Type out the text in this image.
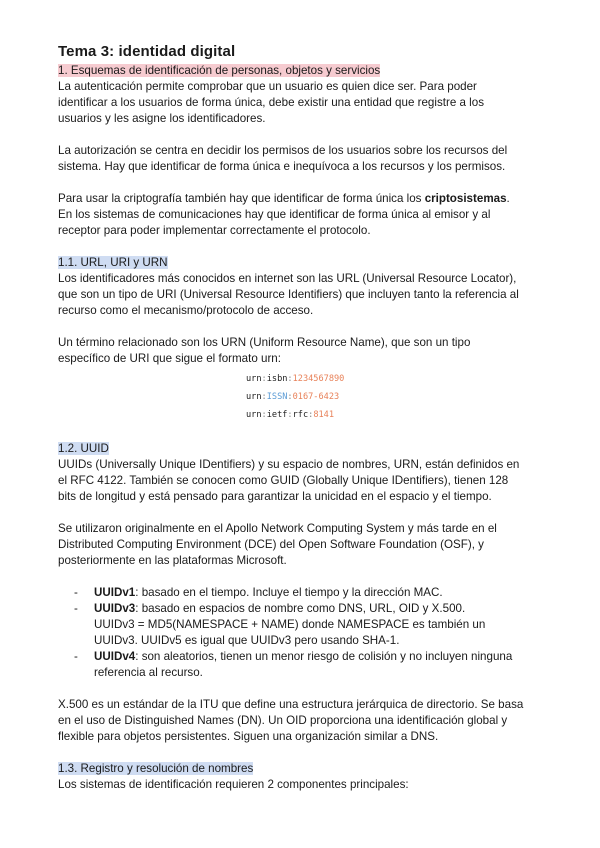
Tema 3: identidad digital
1. Esquemas de identificación de personas, objetos y servicios
La autenticación permite comprobar que un usuario es quien dice ser. Para poder
identificar a los usuarios de forma única, debe existir una entidad que registre a los
usuarios y les asigne los identificadores.
La autorización se centra en decidir los permisos de los usuarios sobre los recursos del
sistema. Hay que identificar de forma única e inequívoca a los recursos y los permisos.
Para usar la criptografía también hay que identificar de forma única los criptosistemas.
En los sistemas de comunicaciones hay que identificar de forma única al emisor y al
receptor para poder implementar correctamente el protocolo.
1.1. URL, URI y URN
Los identificadores más conocidos en internet son las URL (Universal Resource Locator),
que son un tipo de URI (Universal Resource Identifiers) que incluyen tanto la referencia al
recurso como el mecanismo/protocolo de acceso.
Un término relacionado son los URN (Uniform Resource Name), que son un tipo
específico de URI que sigue el formato urn:
urn:isbn:1234567890
urn:ISSN:0167-6423
urn:ietf:rfc:8141
1.2. UUID
UUIDs (Universally Unique IDentifiers) y su espacio de nombres, URN, están definidos en
el RFC 4122. También se conocen como GUID (Globally Unique IDentifiers), tienen 128
bits de longitud y está pensado para garantizar la unicidad en el espacio y el tiempo.
Se utilizaron originalmente en el Apollo Network Computing System y más tarde en el
Distributed Computing Environment (DCE) del Open Software Foundation (OSF), y
posteriormente en las plataformas Microsoft.
- UUIDv1: basado en el tiempo. Incluye el tiempo y la dirección MAC.
- UUIDv3: basado en espacios de nombre como DNS, URL, OID y X.500.
UUIDv3 = MD5(NAMESPACE + NAME) donde NAMESPACE es también un
UUIDv3. UUIDv5 es igual que UUIDv3 pero usando SHA-1.
- UUIDv4: son aleatorios, tienen un menor riesgo de colisión y no incluyen ninguna
referencia al recurso.
X.500 es un estándar de la ITU que define una estructura jerárquica de directorio. Se basa
en el uso de Distinguished Names (DN). Un OID proporciona una identificación global y
flexible para objetos persistentes. Siguen una organización similar a DNS.
1.3. Registro y resolución de nombres
Los sistemas de identificación requieren 2 componentes principales:
